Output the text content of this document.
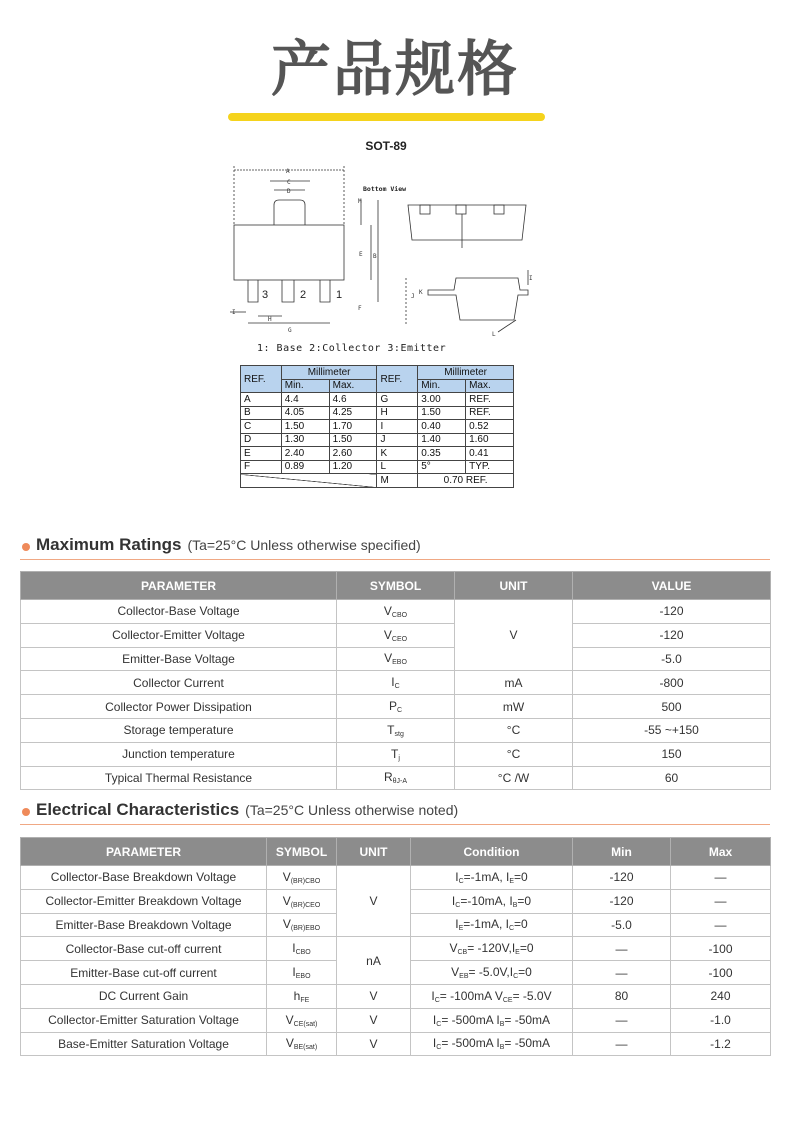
产品规格
SOT-89
A
C
D
M
E B
F
I
H
G
J
K
I
L
3	2	1
Bottom View
1: Base 2:Collector 3:Emitter
REF.	Millimeter		REF.	Millimeter	
	Min.	Max.		Min.	Max.
A	4.4	4.6	G	3.00	REF.
B	4.05	4.25	H	1.50	REF.
C	1.50	1.70	I	0.40	0.52
D	1.30	1.50	J	1.40	1.60
E	2.40	2.60	K	0.35	0.41
F	0.89	1.20	L	5°	TYP.
			M	0.70 REF.	
Maximum Ratings (Ta=25°C Unless otherwise specified)
PARAMETER	SYMBOL	UNIT	VALUE
Collector-Base Voltage	$V_{CBO}$	V	-120
Collector-Emitter Voltage	$V_{CEO}$		-120
Emitter-Base Voltage	$V_{EBO}$		-5.0
Collector Current	$I_C$	mA	-800
Collector Power Dissipation	$P_C$	mW	500
Storage temperature	$T_{stg}$	°C	-55 ~+150
Junction temperature	$T_j$	°C	150
Typical Thermal Resistance	$R_{\theta J-A}$	°C /W	60
Electrical Characteristics (Ta=25°C Unless otherwise noted)
PARAMETER	SYMBOL	UNIT	Condition	Min	Max
Collector-Base Breakdown Voltage	$V_{(BR)CBO}$	V	$I_C=-1mA$, $I_E=0$	-120	—
Collector-Emitter Breakdown Voltage	$V_{(BR)CEO}$		$I_C=-10mA$, $I_B=0$	-120	—
Emitter-Base Breakdown Voltage	$V_{(BR)EBO}$		$I_E=-1mA$, $I_C=0$	-5.0	—
Collector-Base cut-off current	$I_{CBO}$	nA	$V_{CB}= -120V,I_E=0$	—	-100
Emitter-Base cut-off current	$I_{EBO}$		$V_{EB}= -5.0V,I_C=0$	—	-100
DC Current Gain	$h_{FE}$	V	$I_C= -100mA$ $V_{CE}= -5.0V$	80	240
Collector-Emitter Saturation Voltage	$V_{CE(sat)}$	V	$I_C= -500mA$ $I_B= -50mA$	—	-1.0
Base-Emitter Saturation Voltage	$V_{BE(sat)}$	V	$I_C= -500mA$ $I_B= -50mA$	—	-1.2
